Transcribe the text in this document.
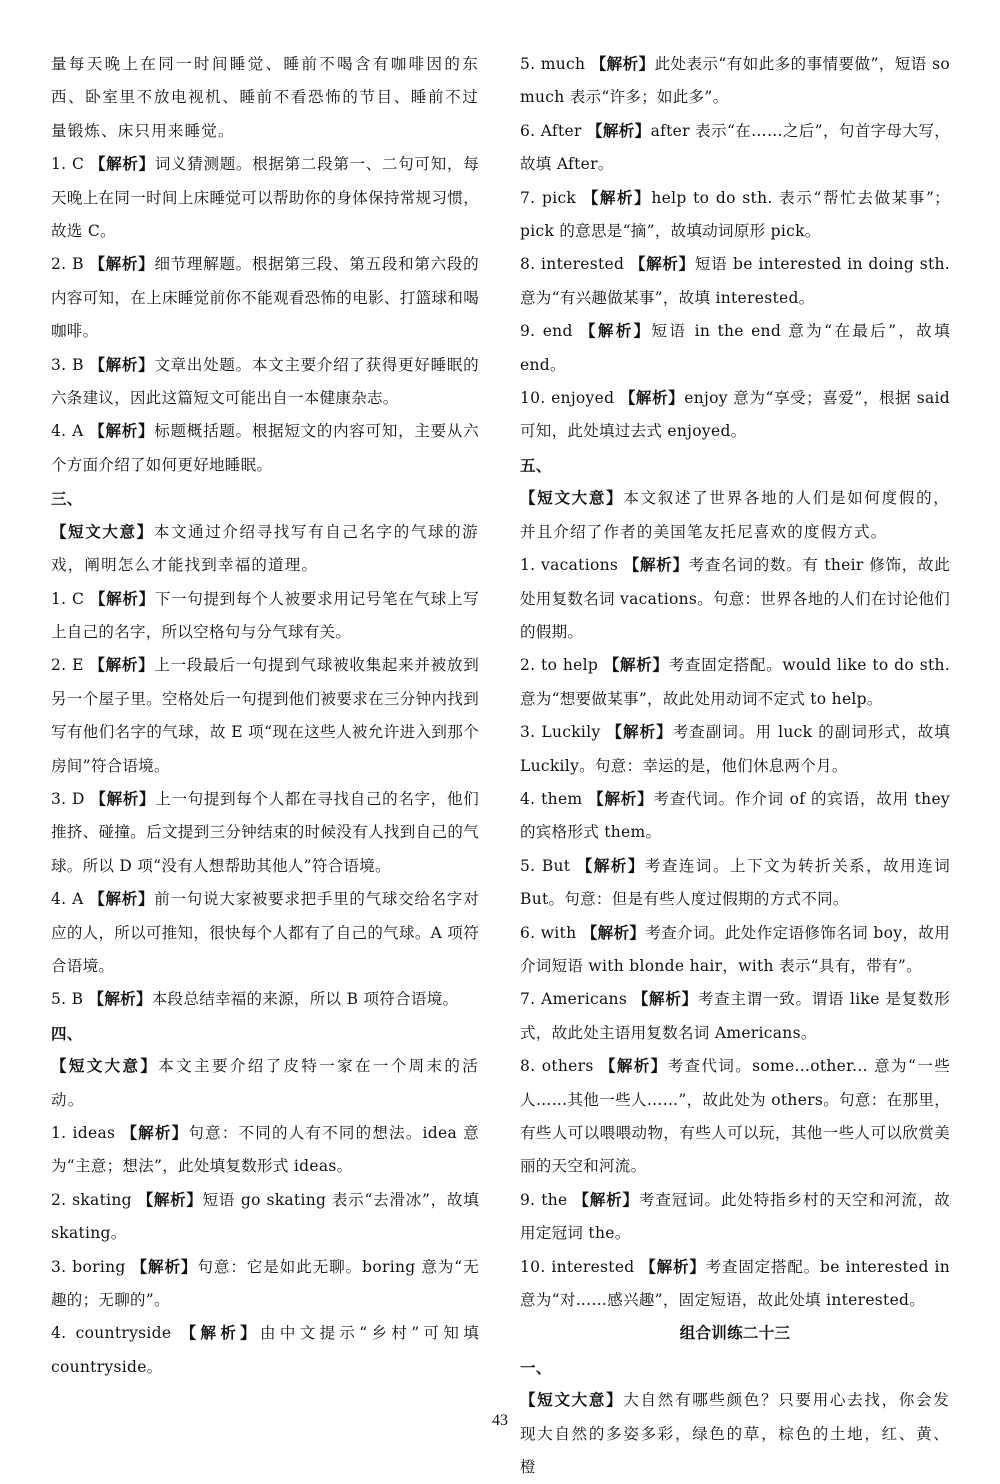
量每天晚上在同一时间睡觉、睡前不喝含有咖啡因的东西、卧室里不放电视机、睡前不看恐怖的节目、睡前不过量锻炼、床只用来睡觉。

1. C 【解析】词义猜测题。根据第二段第一、二句可知，每天晚上在同一时间上床睡觉可以帮助你的身体保持常规习惯，故选 C。

2. B 【解析】细节理解题。根据第三段、第五段和第六段的内容可知，在上床睡觉前你不能观看恐怖的电影、打篮球和喝咖啡。

3. B 【解析】文章出处题。本文主要介绍了获得更好睡眠的六条建议，因此这篇短文可能出自一本健康杂志。

4. A 【解析】标题概括题。根据短文的内容可知，主要从六个方面介绍了如何更好地睡眠。

三、

【短文大意】本文通过介绍寻找写有自己名字的气球的游戏，阐明怎么才能找到幸福的道理。

1. C 【解析】下一句提到每个人被要求用记号笔在气球上写上自己的名字，所以空格句与分气球有关。

2. E 【解析】上一段最后一句提到气球被收集起来并被放到另一个屋子里。空格处后一句提到他们被要求在三分钟内找到写有他们名字的气球，故 E 项“现在这些人被允许进入到那个房间”符合语境。

3. D 【解析】上一句提到每个人都在寻找自己的名字，他们推挤、碰撞。后文提到三分钟结束的时候没有人找到自己的气球。所以 D 项“没有人想帮助其他人”符合语境。

4. A 【解析】前一句说大家被要求把手里的气球交给名字对应的人，所以可推知，很快每个人都有了自己的气球。A 项符合语境。

5. B 【解析】本段总结幸福的来源，所以 B 项符合语境。

四、

【短文大意】本文主要介绍了皮特一家在一个周末的活动。

1. ideas 【解析】句意：不同的人有不同的想法。idea 意为“主意；想法”，此处填复数形式 ideas。

2. skating 【解析】短语 go skating 表示“去滑冰”，故填 skating。

3. boring 【解析】句意：它是如此无聊。boring 意为“无趣的；无聊的”。

4. countryside 【解析】由中文提示“乡村”可知填 countryside。

5. much 【解析】此处表示“有如此多的事情要做”，短语 so much 表示“许多；如此多”。

6. After 【解析】after 表示“在……之后”，句首字母大写，故填 After。

7. pick 【解析】help to do sth. 表示“帮忙去做某事”；pick 的意思是“摘”，故填动词原形 pick。

8. interested 【解析】短语 be interested in doing sth. 意为“有兴趣做某事”，故填 interested。

9. end 【解析】短语 in the end 意为“在最后”，故填 end。

10. enjoyed 【解析】enjoy 意为“享受；喜爱”，根据 said 可知，此处填过去式 enjoyed。

五、

【短文大意】本文叙述了世界各地的人们是如何度假的，并且介绍了作者的美国笔友托尼喜欢的度假方式。

1. vacations 【解析】考查名词的数。有 their 修饰，故此处用复数名词 vacations。句意：世界各地的人们在讨论他们的假期。

2. to help 【解析】考查固定搭配。would like to do sth. 意为“想要做某事”，故此处用动词不定式 to help。

3. Luckily 【解析】考查副词。用 luck 的副词形式，故填 Luckily。句意：幸运的是，他们休息两个月。

4. them 【解析】考查代词。作介词 of 的宾语，故用 they 的宾格形式 them。

5. But 【解析】考查连词。上下文为转折关系，故用连词 But。句意：但是有些人度过假期的方式不同。

6. with 【解析】考查介词。此处作定语修饰名词 boy，故用介词短语 with blonde hair，with 表示“具有，带有”。

7. Americans 【解析】考查主谓一致。谓语 like 是复数形式，故此处主语用复数名词 Americans。

8. others 【解析】考查代词。some...other... 意为“一些人……其他一些人……”，故此处为 others。句意：在那里，有些人可以喂喂动物，有些人可以玩，其他一些人可以欣赏美丽的天空和河流。

9. the 【解析】考查冠词。此处特指乡村的天空和河流，故用定冠词 the。

10. interested 【解析】考查固定搭配。be interested in 意为“对……感兴趣”，固定短语，故此处填 interested。

组合训练二十三

一、

【短文大意】大自然有哪些颜色？只要用心去找，你会发现大自然的多姿多彩，绿色的草，棕色的土地，红、黄、橙

43
